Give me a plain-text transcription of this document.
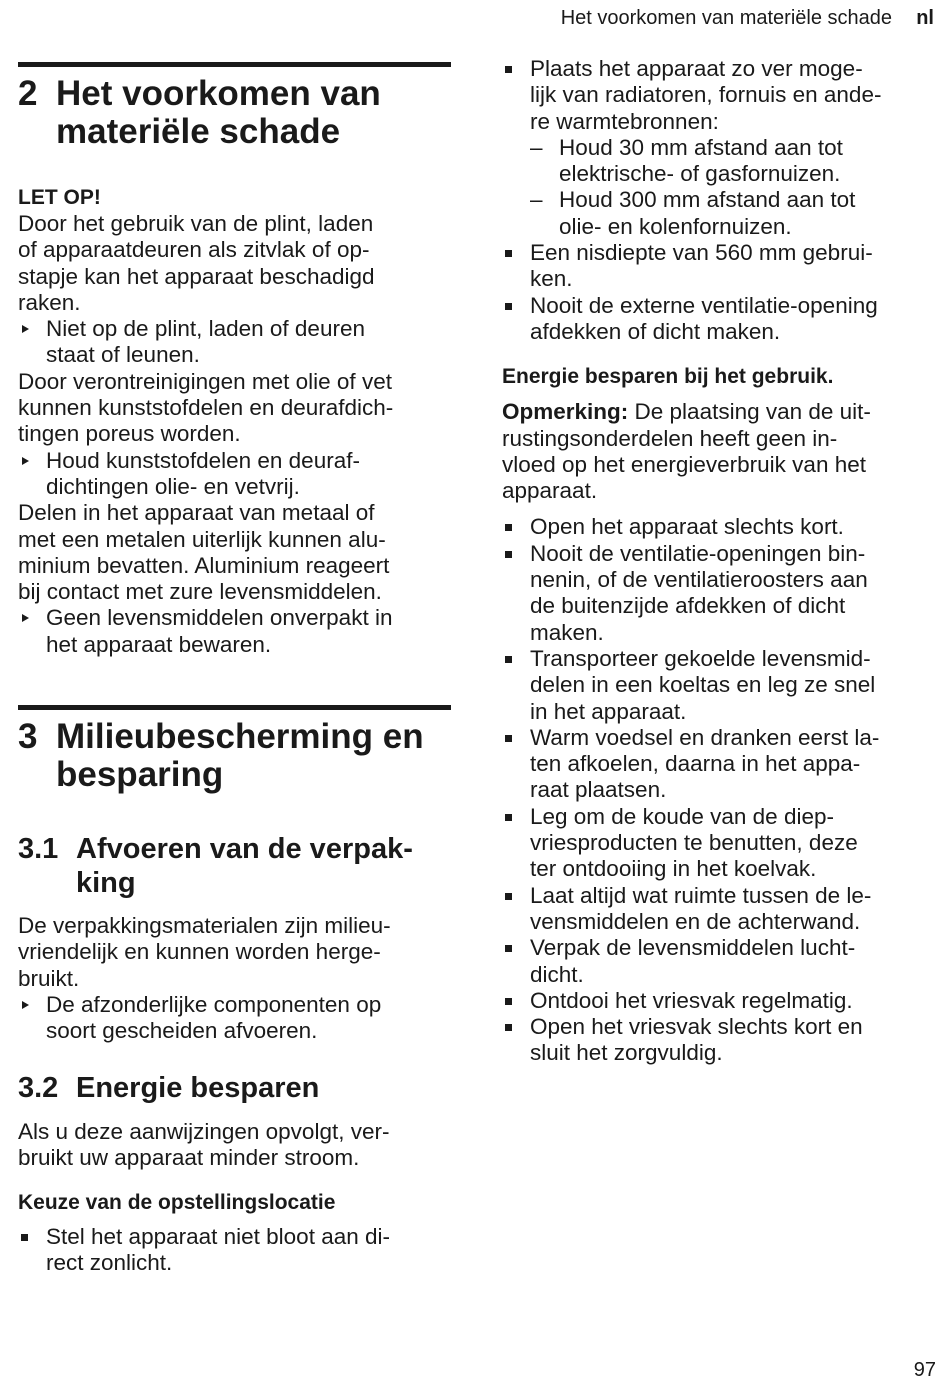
Het voorkomen van materiële schade nl
2 Het voorkomen van
materiële schade
LET OP!

Door het gebruik van de plint, laden
of apparaatdeuren als zitvlak of op-
stapje kan het apparaat beschadigd
raken.

Niet op de plint, laden of deuren
staat of leunen.

Door verontreinigingen met olie of vet
kunnen kunststofdelen en deurafdich-
tingen poreus worden.

Houd kunststofdelen en deuraf-
dichtingen olie- en vetvrij.

Delen in het apparaat van metaal of
met een metalen uiterlijk kunnen alu-
minium bevatten. Aluminium reageert
bij contact met zure levensmiddelen.

Geen levensmiddelen onverpakt in
het apparaat bewaren.
3 Milieubescherming en
besparing
3.1 Afvoeren van de verpak-
king

De verpakkingsmaterialen zijn milieu-
vriendelijk en kunnen worden herge-
bruikt.

De afzonderlijke componenten op
soort gescheiden afvoeren.
3.2 Energie besparen

Als u deze aanwijzingen opvolgt, ver-
bruikt uw apparaat minder stroom.

Keuze van de opstellingslocatie
Stel het apparaat niet bloot aan di-
rect zonlicht.
Plaats het apparaat zo ver moge-
lijk van radiatoren, fornuis en ande-
re warmtebronnen:
– Houd 30 mm afstand aan tot
elektrische- of gasfornuizen.
– Houd 300 mm afstand aan tot
olie- en kolenfornuizen.
Een nisdiepte van 560 mm gebrui-
ken.
Nooit de externe ventilatie-opening
afdekken of dicht maken.
Energie besparen bij het gebruik.

Opmerking: De plaatsing van de uit-
rustingsonderdelen heeft geen in-
vloed op het energieverbruik van het
apparaat.

Open het apparaat slechts kort.
Nooit de ventilatie-openingen bin-
nenin, of de ventilatieroosters aan
de buitenzijde afdekken of dicht
maken.
Transporteer gekoelde levensmid-
delen in een koeltas en leg ze snel
in het apparaat.
Warm voedsel en dranken eerst la-
ten afkoelen, daarna in het appa-
raat plaatsen.
Leg om de koude van de diep-
vriesproducten te benutten, deze
ter ontdooiing in het koelvak.
Laat altijd wat ruimte tussen de le-
vensmiddelen en de achterwand.
Verpak de levensmiddelen lucht-
dicht.
Ontdooi het vriesvak regelmatig.
Open het vriesvak slechts kort en
sluit het zorgvuldig.
97
